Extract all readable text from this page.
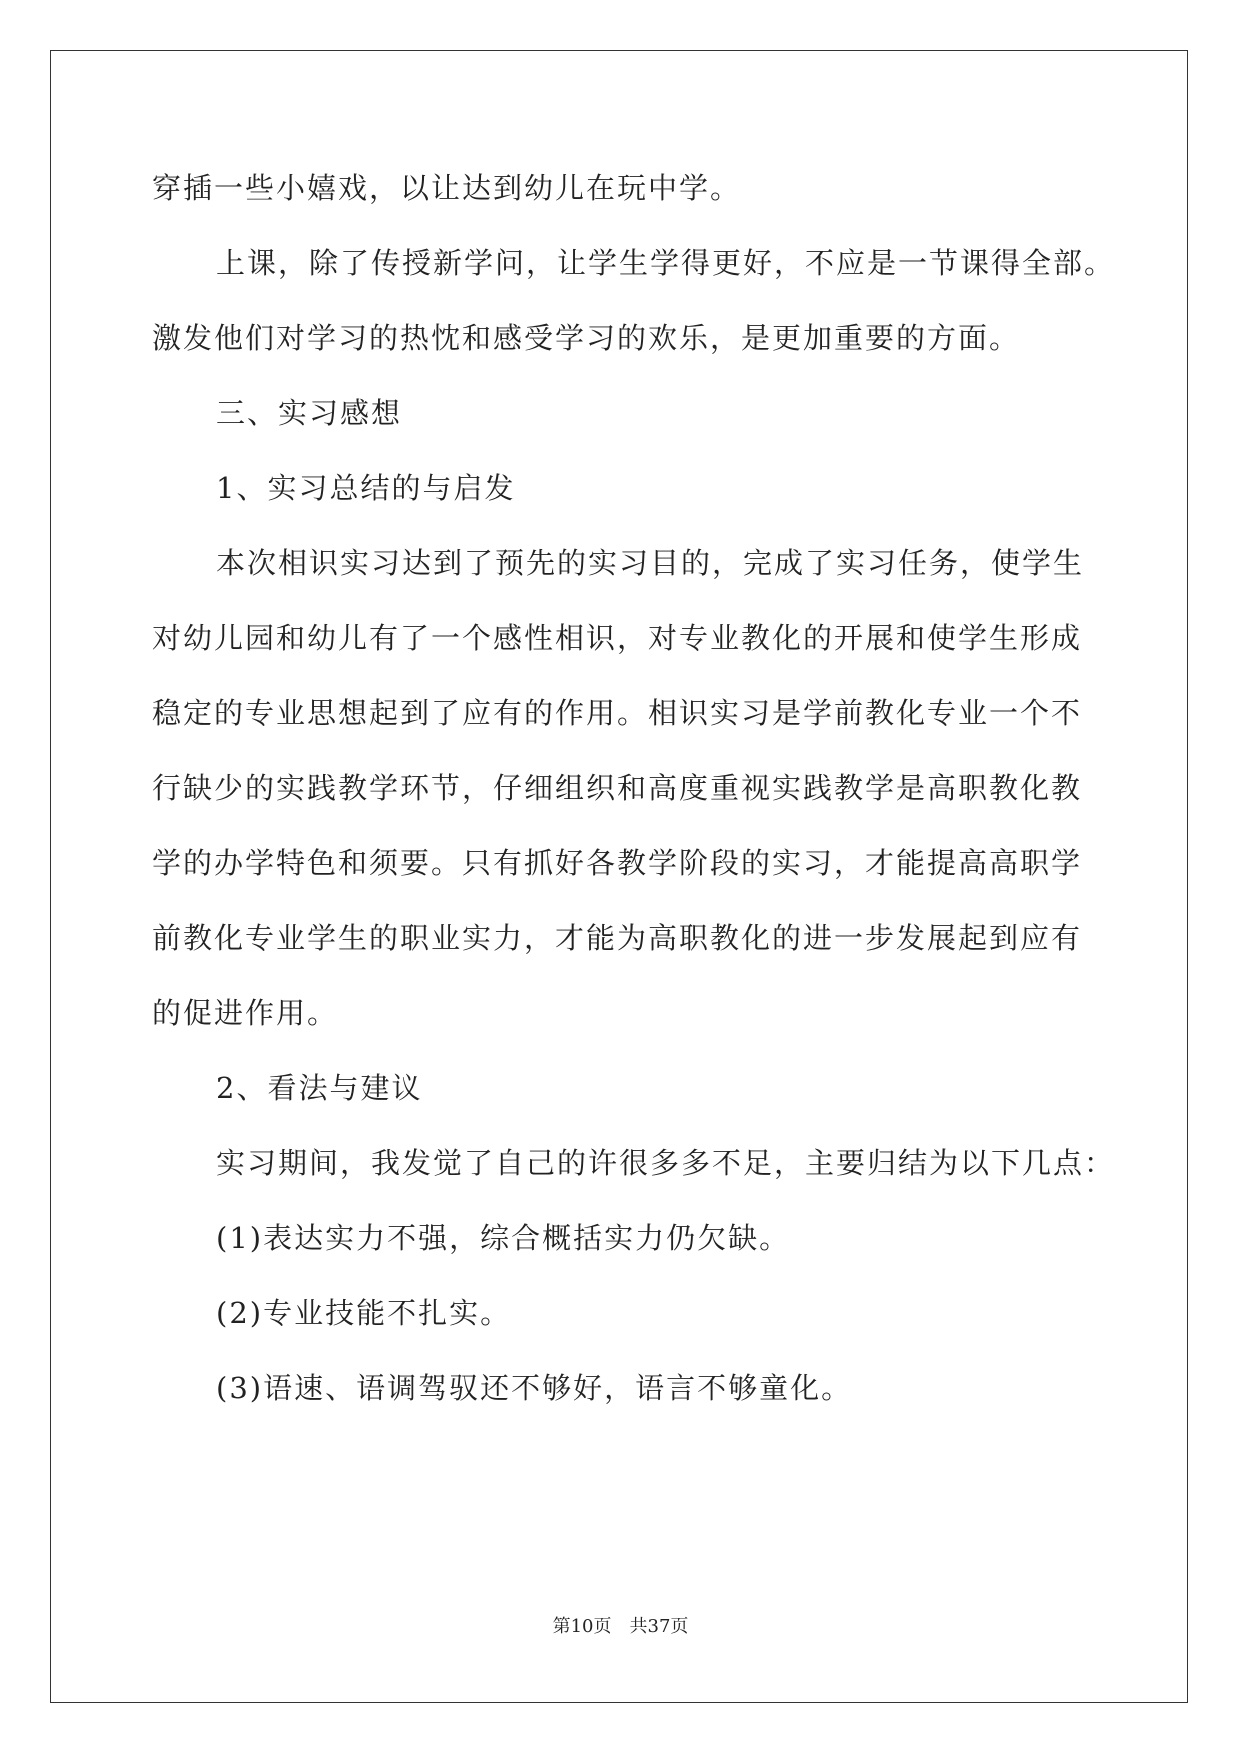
穿插一些小嬉戏，以让达到幼儿在玩中学。
上课，除了传授新学问，让学生学得更好，不应是一节课得全部。
激发他们对学习的热忱和感受学习的欢乐，是更加重要的方面。
三、实习感想
1、实习总结的与启发
本次相识实习达到了预先的实习目的，完成了实习任务，使学生
对幼儿园和幼儿有了一个感性相识，对专业教化的开展和使学生形成
稳定的专业思想起到了应有的作用。相识实习是学前教化专业一个不
行缺少的实践教学环节，仔细组织和高度重视实践教学是高职教化教
学的办学特色和须要。只有抓好各教学阶段的实习，才能提高高职学
前教化专业学生的职业实力，才能为高职教化的进一步发展起到应有
的促进作用。
2、看法与建议
实习期间，我发觉了自己的许很多多不足，主要归结为以下几点：
(1)表达实力不强，综合概括实力仍欠缺。
(2)专业技能不扎实。
(3)语速、语调驾驭还不够好，语言不够童化。
第10页　共37页
